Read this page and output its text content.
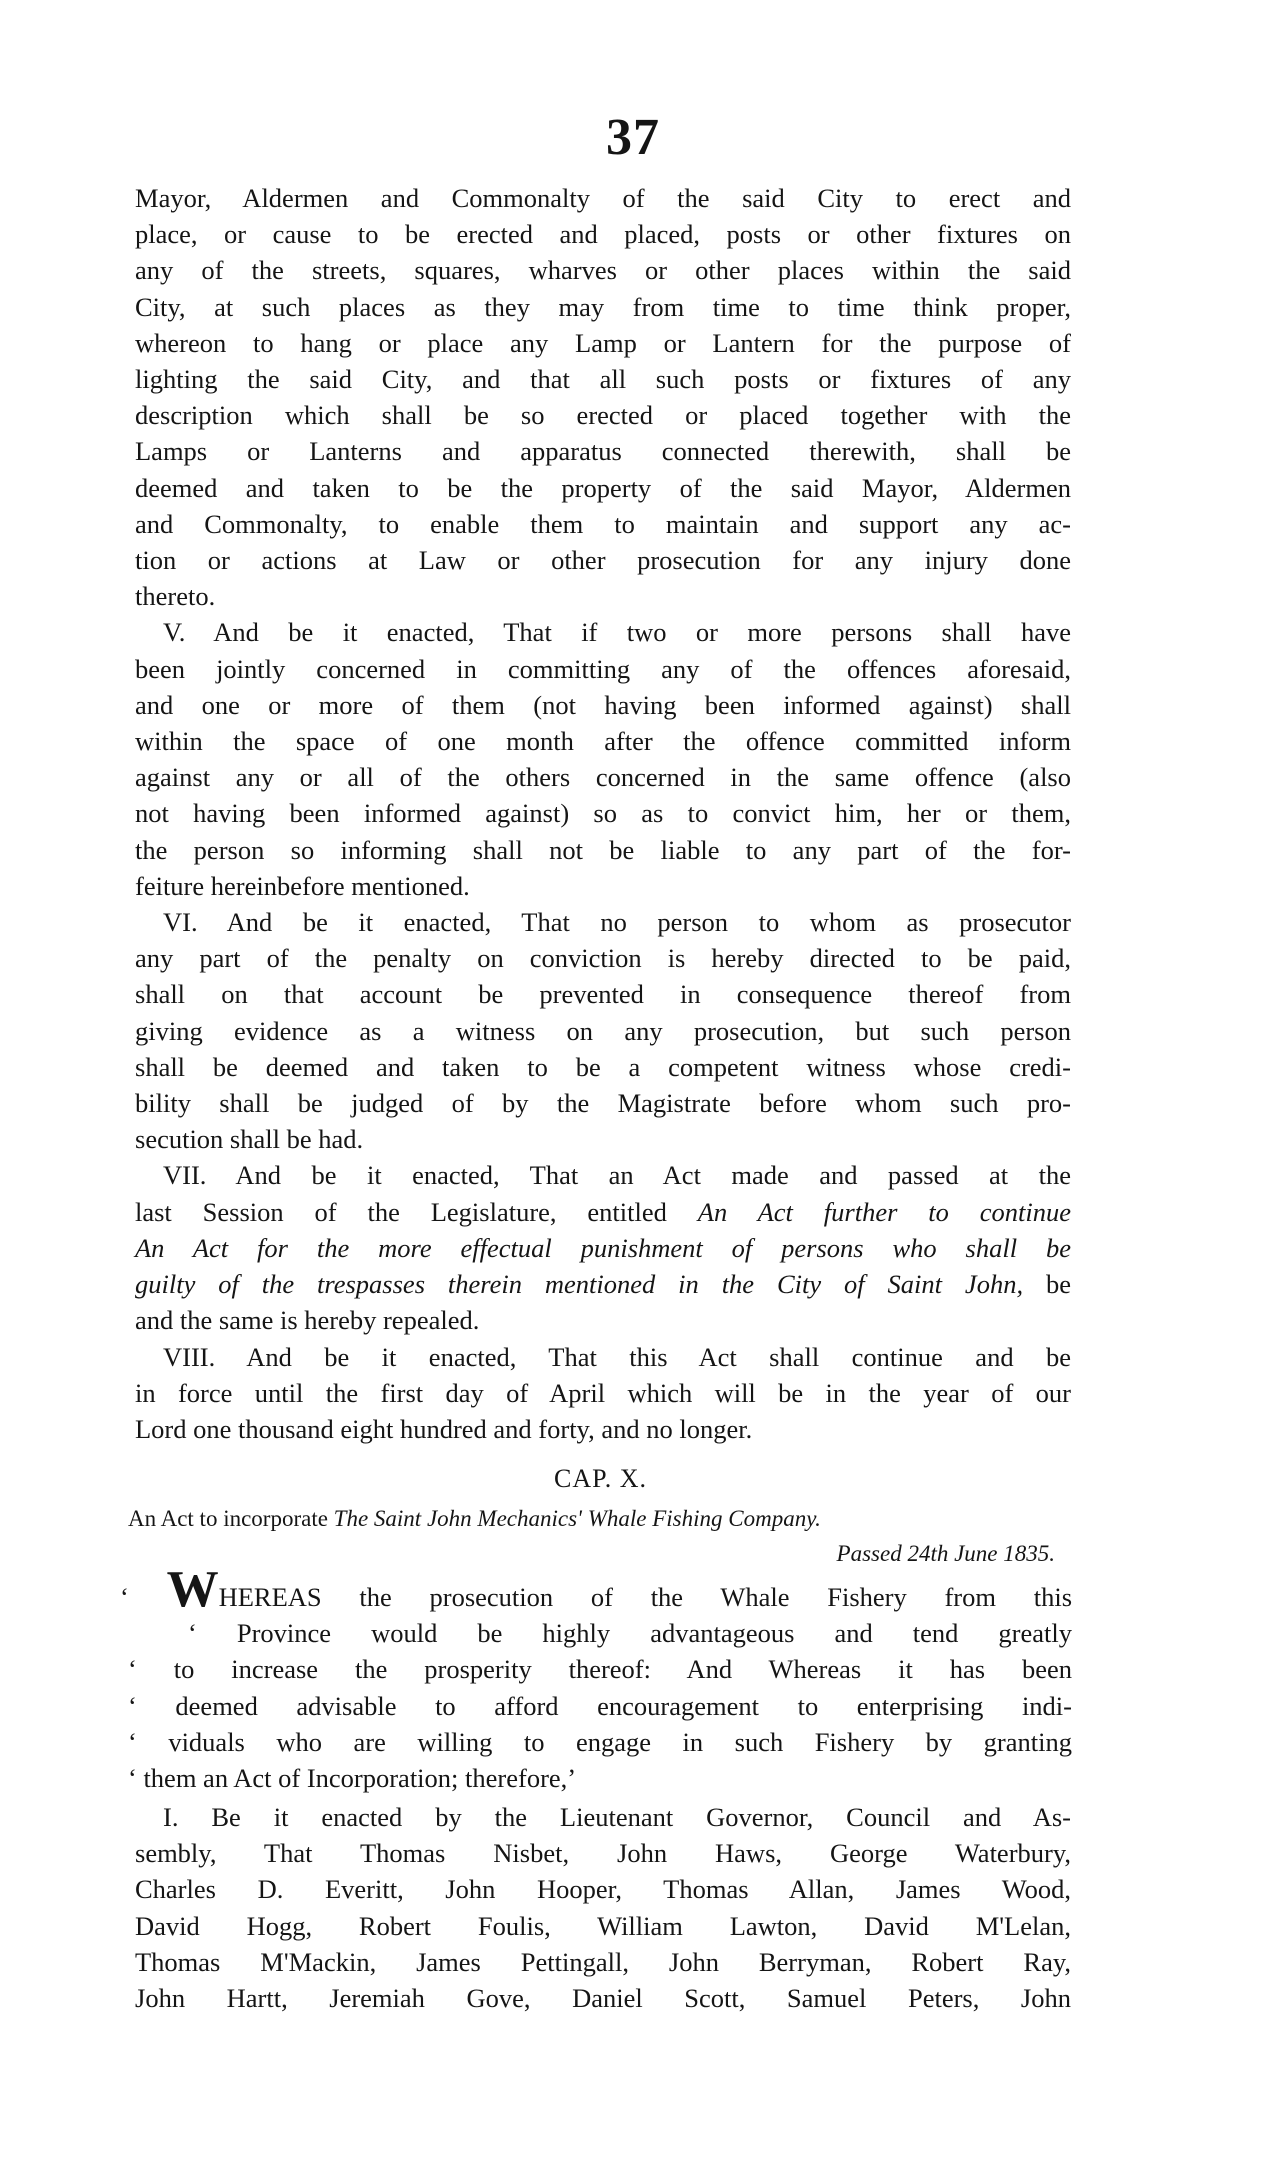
37
Mayor, Aldermen and Commonalty of the said City to erect and
place, or cause to be erected and placed, posts or other fixtures on
any of the streets, squares, wharves or other places within the said
City, at such places as they may from time to time think proper,
whereon to hang or place any Lamp or Lantern for the purpose of
lighting the said City, and that all such posts or fixtures of any
description which shall be so erected or placed together with the
Lamps or Lanterns and apparatus connected therewith, shall be
deemed and taken to be the property of the said Mayor, Aldermen
and Commonalty, to enable them to maintain and support any ac-
tion or actions at Law or other prosecution for any injury done
thereto.
V. And be it enacted, That if two or more persons shall have
been jointly concerned in committing any of the offences aforesaid,
and one or more of them (not having been informed against) shall
within the space of one month after the offence committed inform
against any or all of the others concerned in the same offence (also
not having been informed against) so as to convict him, her or them,
the person so informing shall not be liable to any part of the for-
feiture hereinbefore mentioned.
VI. And be it enacted, That no person to whom as prosecutor
any part of the penalty on conviction is hereby directed to be paid,
shall on that account be prevented in consequence thereof from
giving evidence as a witness on any prosecution, but such person
shall be deemed and taken to be a competent witness whose credi-
bility shall be judged of by the Magistrate before whom such pro-
secution shall be had.
VII. And be it enacted, That an Act made and passed at the
last Session of the Legislature, entitled An Act further to continue
An Act for the more effectual punishment of persons who shall be
guilty of the trespasses therein mentioned in the City of Saint John, be
and the same is hereby repealed.
VIII. And be it enacted, That this Act shall continue and be
in force until the first day of April which will be in the year of our
Lord one thousand eight hundred and forty, and no longer.
CAP. X.
An Act to incorporate The Saint John Mechanics' Whale Fishing Company.
Passed 24th June 1835.
‘ WHEREAS the prosecution of the Whale Fishery from this
‘ Province would be highly advantageous and tend greatly
‘ to increase the prosperity thereof: And Whereas it has been
‘ deemed advisable to afford encouragement to enterprising indi-
‘ viduals who are willing to engage in such Fishery by granting
‘ them an Act of Incorporation; therefore,’
I. Be it enacted by the Lieutenant Governor, Council and As-
sembly, That Thomas Nisbet, John Haws, George Waterbury,
Charles D. Everitt, John Hooper, Thomas Allan, James Wood,
David Hogg, Robert Foulis, William Lawton, David M'Lelan,
Thomas M'Mackin, James Pettingall, John Berryman, Robert Ray,
John Hartt, Jeremiah Gove, Daniel Scott, Samuel Peters, John
